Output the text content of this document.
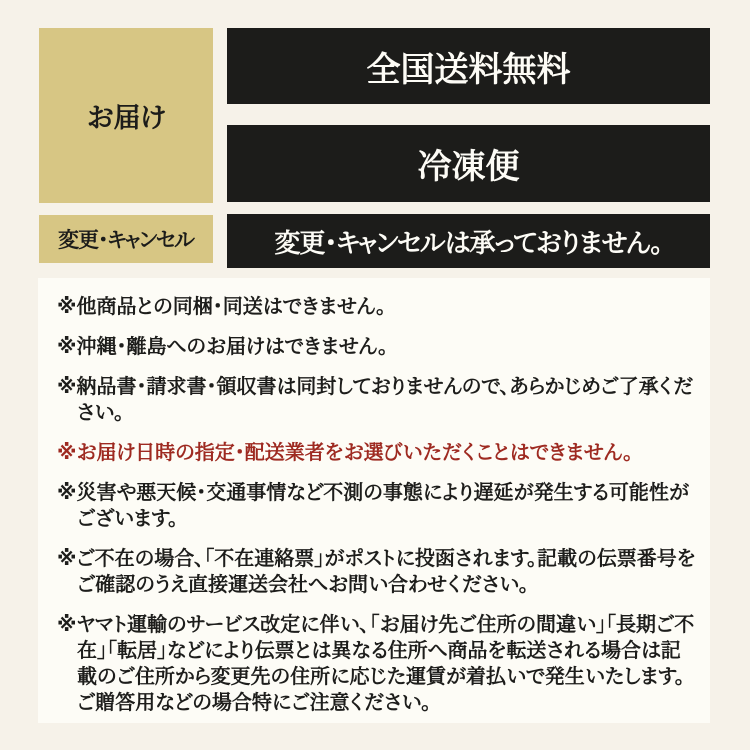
お届け
全国送料無料
冷凍便
変更・キャンセル	変更・キャンセルは承っておりません。

※他商品との同梱・同送はできません。

※沖縄・離島へのお届けはできません。

※納品書・請求書・領収書は同封しておりませんので、あらかじめご了承ください。

※お届け日時の指定・配送業者をお選びいただくことはできません。

※災害や悪天候・交通事情など不測の事態により遅延が発生する可能性がございます。

※ご不在の場合、「不在連絡票」がポストに投函されます。記載の伝票番号をご確認のうえ直接運送会社へお問い合わせください。

※ヤマト運輸のサービス改定に伴い、「お届け先ご住所の間違い」「長期ご不在」「転居」などにより伝票とは異なる住所へ商品を転送される場合は記載のご住所から変更先の住所に応じた運賃が着払いで発生いたします。ご贈答用などの場合特にご注意ください。
